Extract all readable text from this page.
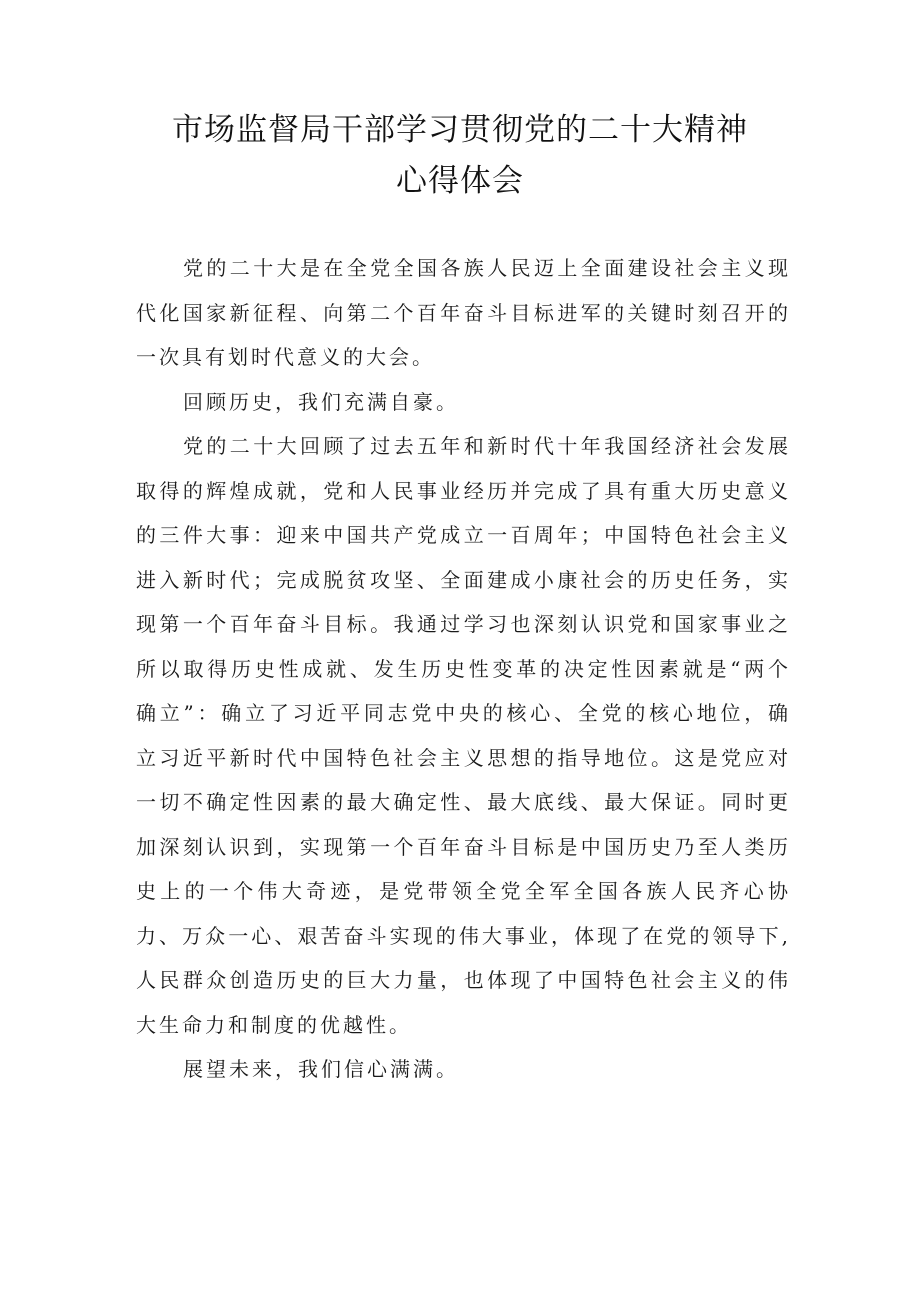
市场监督局干部学习贯彻党的二十大精神
心得体会

党的二十大是在全党全国各族人民迈上全面建设社会主义现代化国家新征程、向第二个百年奋斗目标进军的关键时刻召开的一次具有划时代意义的大会。

回顾历史，我们充满自豪。

党的二十大回顾了过去五年和新时代十年我国经济社会发展取得的辉煌成就，党和人民事业经历并完成了具有重大历史意义的三件大事：迎来中国共产党成立一百周年；中国特色社会主义进入新时代；完成脱贫攻坚、全面建成小康社会的历史任务，实现第一个百年奋斗目标。我通过学习也深刻认识党和国家事业之所以取得历史性成就、发生历史性变革的决定性因素就是“两个确立”：确立了习近平同志党中央的核心、全党的核心地位，确立习近平新时代中国特色社会主义思想的指导地位。这是党应对一切不确定性因素的最大确定性、最大底线、最大保证。同时更加深刻认识到，实现第一个百年奋斗目标是中国历史乃至人类历史上的一个伟大奇迹，是党带领全党全军全国各族人民齐心协力、万众一心、艰苦奋斗实现的伟大事业，体现了在党的领导下,人民群众创造历史的巨大力量，也体现了中国特色社会主义的伟大生命力和制度的优越性。

展望未来，我们信心满满。
